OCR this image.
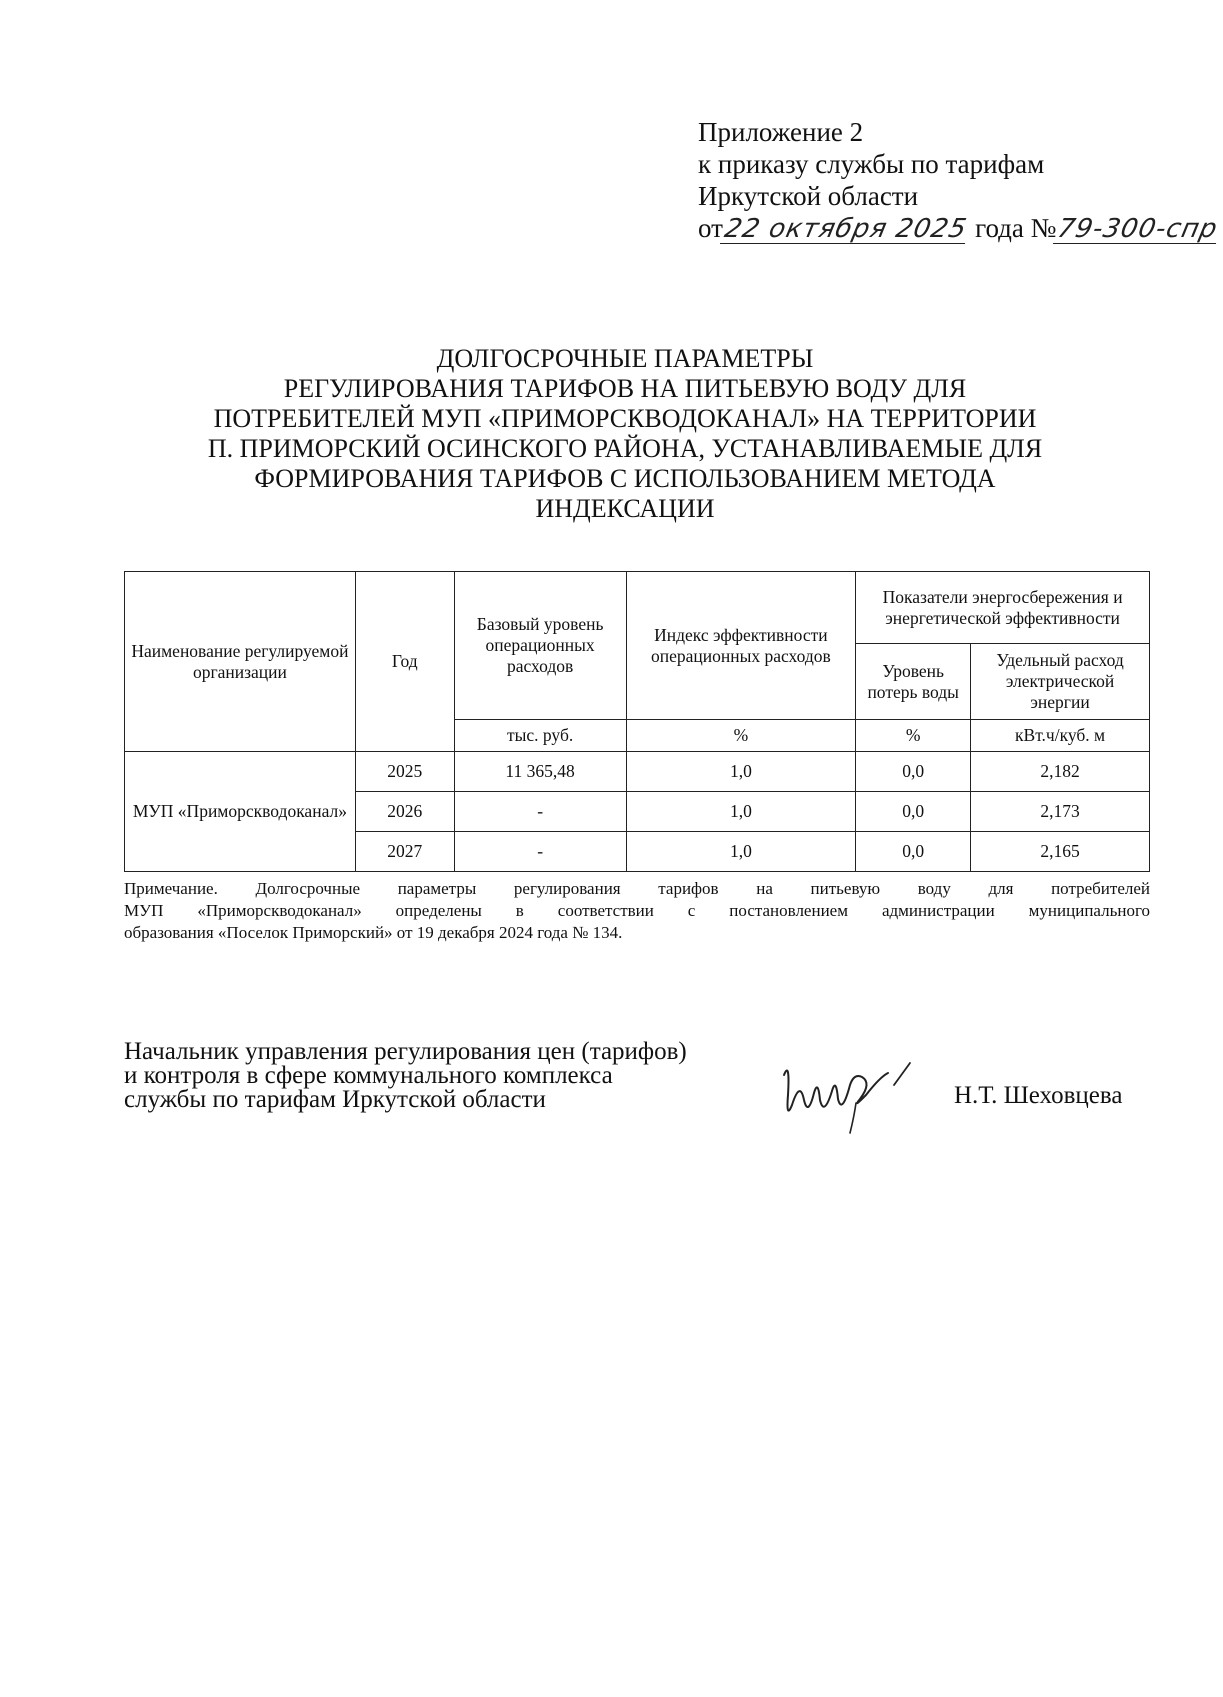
Приложение 2
к приказу службы по тарифам
Иркутской области
от22 октября 2025 года №79-300-спр
ДОЛГОСРОЧНЫЕ ПАРАМЕТРЫ
РЕГУЛИРОВАНИЯ ТАРИФОВ НА ПИТЬЕВУЮ ВОДУ ДЛЯ
ПОТРЕБИТЕЛЕЙ МУП «ПРИМОРСКВОДОКАНАЛ» НА ТЕРРИТОРИИ
П. ПРИМОРСКИЙ ОСИНСКОГО РАЙОНА, УСТАНАВЛИВАЕМЫЕ ДЛЯ
ФОРМИРОВАНИЯ ТАРИФОВ С ИСПОЛЬЗОВАНИЕМ МЕТОДА
ИНДЕКСАЦИИ
Наименование регулируемой организации	Год	Базовый уровень операционных расходов	Индекс эффективности операционных расходов	Показатели энергосбережения и энергетической эффективности	
				Уровень потерь воды	Удельный расход электрической энергии
		тыс. руб.	%	%	кВт.ч/куб. м
МУП «Приморскводоканал»	2025	11 365,48	1,0	0,0	2,182
	2026	-	1,0	0,0	2,173
	2027	-	1,0	0,0	2,165
Примечание. Долгосрочные параметры регулирования тарифов на питьевую воду для потребителей
МУП «Приморскводоканал» определены в соответствии с постановлением администрации муниципального
образования «Поселок Приморский» от 19 декабря 2024 года № 134.
Начальник управления регулирования цен (тарифов)
и контроля в сфере коммунального комплекса
службы по тарифам Иркутской области	Н.Т. Шеховцева
